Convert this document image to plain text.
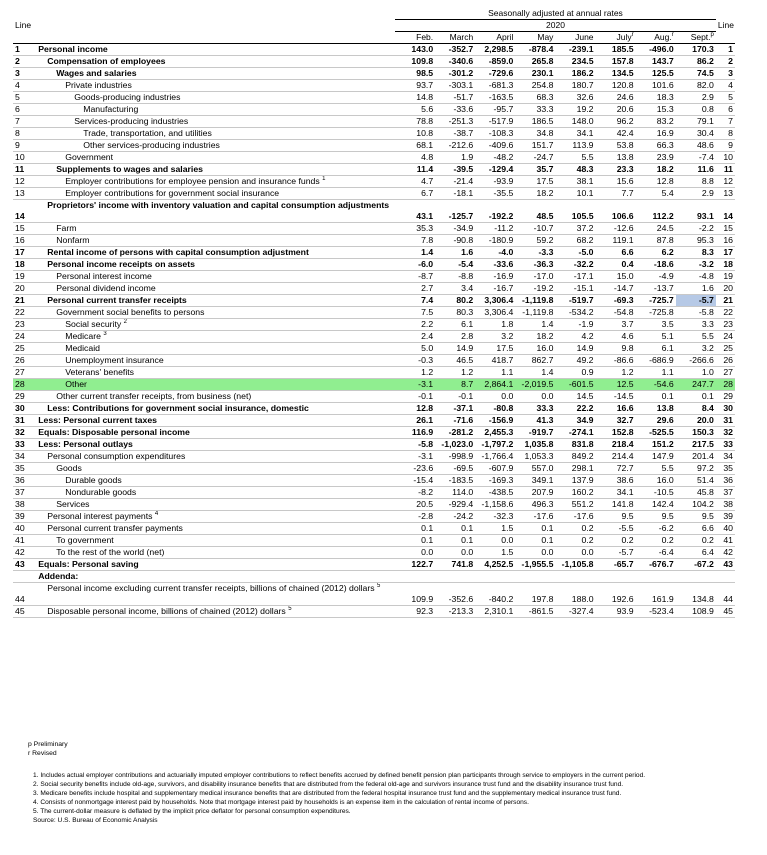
Line		Seasonally adjusted at annual rates								Line
		2020								
		Feb.	March	April	May	June	July$^r$	Aug.$^r$	Sept.$^p$
1	Personal income	143.0	-352.7	2,298.5	-878.4	-239.1	185.5	-496.0	170.3	1
2	Compensation of employees	109.8	-340.6	-859.0	265.8	234.5	157.8	143.7	86.2	2
3	Wages and salaries	98.5	-301.2	-729.6	230.1	186.2	134.5	125.5	74.5	3
4	Private industries	93.7	-303.1	-681.3	254.8	180.7	120.8	101.6	82.0	4
5	Goods-producing industries	14.8	-51.7	-163.5	68.3	32.6	24.6	18.3	2.9	5
6	Manufacturing	5.6	-33.6	-95.7	33.3	19.2	20.6	15.3	0.8	6
7	Services-producing industries	78.8	-251.3	-517.9	186.5	148.0	96.2	83.2	79.1	7
8	Trade, transportation, and utilities	10.8	-38.7	-108.3	34.8	34.1	42.4	16.9	30.4	8
9	Other services-producing industries	68.1	-212.6	-409.6	151.7	113.9	53.8	66.3	48.6	9
10	Government	4.8	1.9	-48.2	-24.7	5.5	13.8	23.9	-7.4	10
11	Supplements to wages and salaries	11.4	-39.5	-129.4	35.7	48.3	23.3	18.2	11.6	11
12	Employer contributions for employee pension and insurance funds $^1$	4.7	-21.4	-93.9	17.5	38.1	15.6	12.8	8.8	12
13	Employer contributions for government social insurance	6.7	-18.1	-35.5	18.2	10.1	7.7	5.4	2.9	13
14	Proprietors' income with inventory valuation and capital consumption adjustments	43.1	-125.7	-192.2	48.5	105.5	106.6	112.2	93.1	14
15	Farm	35.3	-34.9	-11.2	-10.7	37.2	-12.6	24.5	-2.2	15
16	Nonfarm	7.8	-90.8	-180.9	59.2	68.2	119.1	87.8	95.3	16
17	Rental income of persons with capital consumption adjustment	1.4	1.6	-4.0	-3.3	-5.0	6.6	6.2	8.3	17
18	Personal income receipts on assets	-6.0	-5.4	-33.6	-36.3	-32.2	0.4	-18.6	-3.2	18
19	Personal interest income	-8.7	-8.8	-16.9	-17.0	-17.1	15.0	-4.9	-4.8	19
20	Personal dividend income	2.7	3.4	-16.7	-19.2	-15.1	-14.7	-13.7	1.6	20
21	Personal current transfer receipts	7.4	80.2	3,306.4	-1,119.8	-519.7	-69.3	-725.7	-5.7	21
22	Government social benefits to persons	7.5	80.3	3,306.4	-1,119.8	-534.2	-54.8	-725.8	-5.8	22
23	Social security $^2$	2.2	6.1	1.8	1.4	-1.9	3.7	3.5	3.3	23
24	Medicare $^3$	2.4	2.8	3.2	18.2	4.2	4.6	5.1	5.5	24
25	Medicaid	5.0	14.9	17.5	16.0	14.9	9.8	6.1	3.2	25
26	Unemployment insurance	-0.3	46.5	418.7	862.7	49.2	-86.6	-686.9	-266.6	26
27	Veterans' benefits	1.2	1.2	1.1	1.4	0.9	1.2	1.1	1.0	27
28	Other	-3.1	8.7	2,864.1	-2,019.5	-601.5	12.5	-54.6	247.7	28
29	Other current transfer receipts, from business (net)	-0.1	-0.1	0.0	0.0	14.5	-14.5	0.1	0.1	29
30	Less: Contributions for government social insurance, domestic	12.8	-37.1	-80.8	33.3	22.2	16.6	13.8	8.4	30
31	Less: Personal current taxes	26.1	-71.6	-156.9	41.3	34.9	32.7	29.6	20.0	31
32	Equals: Disposable personal income	116.9	-281.2	2,455.3	-919.7	-274.1	152.8	-525.5	150.3	32
33	Less: Personal outlays	-5.8	-1,023.0	-1,797.2	1,035.8	831.8	218.4	151.2	217.5	33
34	Personal consumption expenditures	-3.1	-998.9	-1,766.4	1,053.3	849.2	214.4	147.9	201.4	34
35	Goods	-23.6	-69.5	-607.9	557.0	298.1	72.7	5.5	97.2	35
36	Durable goods	-15.4	-183.5	-169.3	349.1	137.9	38.6	16.0	51.4	36
37	Nondurable goods	-8.2	114.0	-438.5	207.9	160.2	34.1	-10.5	45.8	37
38	Services	20.5	-929.4	-1,158.6	496.3	551.2	141.8	142.4	104.2	38
39	Personal interest payments $^4$	-2.8	-24.2	-32.3	-17.6	-17.6	9.5	9.5	9.5	39
40	Personal current transfer payments	0.1	0.1	1.5	0.1	0.2	-5.5	-6.2	6.6	40
41	To government	0.1	0.1	0.0	0.1	0.2	0.2	0.2	0.2	41
42	To the rest of the world (net)	0.0	0.0	1.5	0.0	0.0	-5.7	-6.4	6.4	42
43	Equals: Personal saving	122.7	741.8	4,252.5	-1,955.5	-1,105.8	-65.7	-676.7	-67.2	43
	Addenda:									
44	Personal income excluding current transfer receipts, billions of chained (2012) dollars $^5$	109.9	-352.6	-840.2	197.8	188.0	192.6	161.9	134.8	44
45	Disposable personal income, billions of chained (2012) dollars $^5$	92.3	-213.3	2,310.1	-861.5	-327.4	93.9	-523.4	108.9	45
p Preliminary
r Revised
1. Includes actual employer contributions and actuarially imputed employer contributions to reflect benefits accrued by defined benefit pension plan participants through service to employers in the current period.
2. Social security benefits include old-age, survivors, and disability insurance benefits that are distributed from the federal old-age and survivors insurance trust fund and the disability insurance trust fund.
3. Medicare benefits include hospital and supplementary medical insurance benefits that are distributed from the federal hospital insurance trust fund and the supplementary medical insurance trust fund.
4. Consists of nonmortgage interest paid by households. Note that mortgage interest paid by households is an expense item in the calculation of rental income of persons.
5. The current-dollar measure is deflated by the implicit price deflator for personal consumption expenditures.
Source: U.S. Bureau of Economic Analysis
